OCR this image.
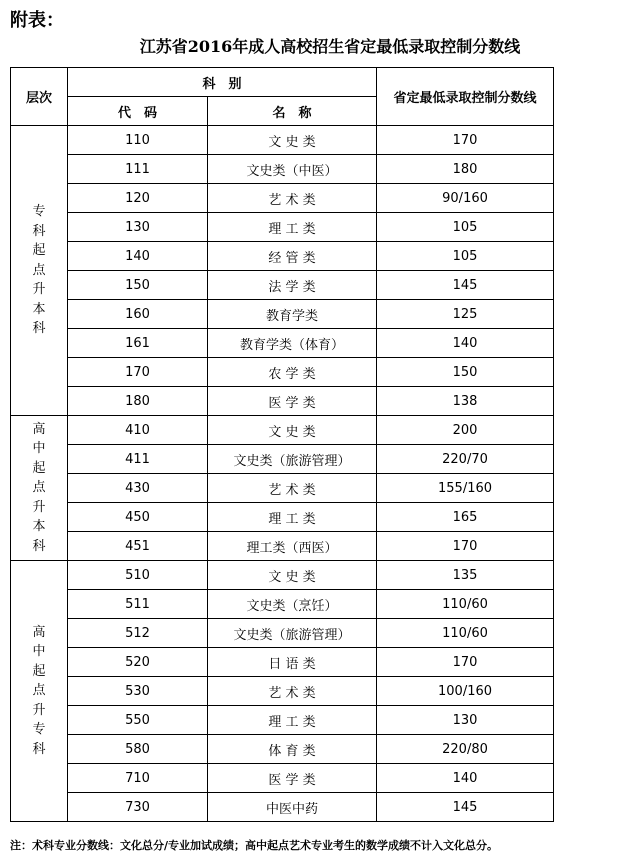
附表：
江苏省2016年成人高校招生省定最低录取控制分数线
层次	科　别		省定最低录取控制分数线
	代　码	名　称	
专科起点升本科	110	文 史 类	170
	111	文史类（中医）	180
	120	艺 术 类	90/160
	130	理 工 类	105
	140	经 管 类	105
	150	法 学 类	145
	160	教育学类	125
	161	教育学类（体育）	140
	170	农 学 类	150
	180	医 学 类	138
高中起点升本科	410	文 史 类	200
	411	文史类（旅游管理）	220/70
	430	艺 术 类	155/160
	450	理 工 类	165
	451	理工类（西医）	170
高中起点升专科	510	文 史 类	135
	511	文史类（烹饪）	110/60
	512	文史类（旅游管理）	110/60
	520	日 语 类	170
	530	艺 术 类	100/160
	550	理 工 类	130
	580	体 育 类	220/80
	710	医 学 类	140
	730	中医中药	145
注：术科专业分数线：文化总分/专业加试成绩；高中起点艺术专业考生的数学成绩不计入文化总分。
